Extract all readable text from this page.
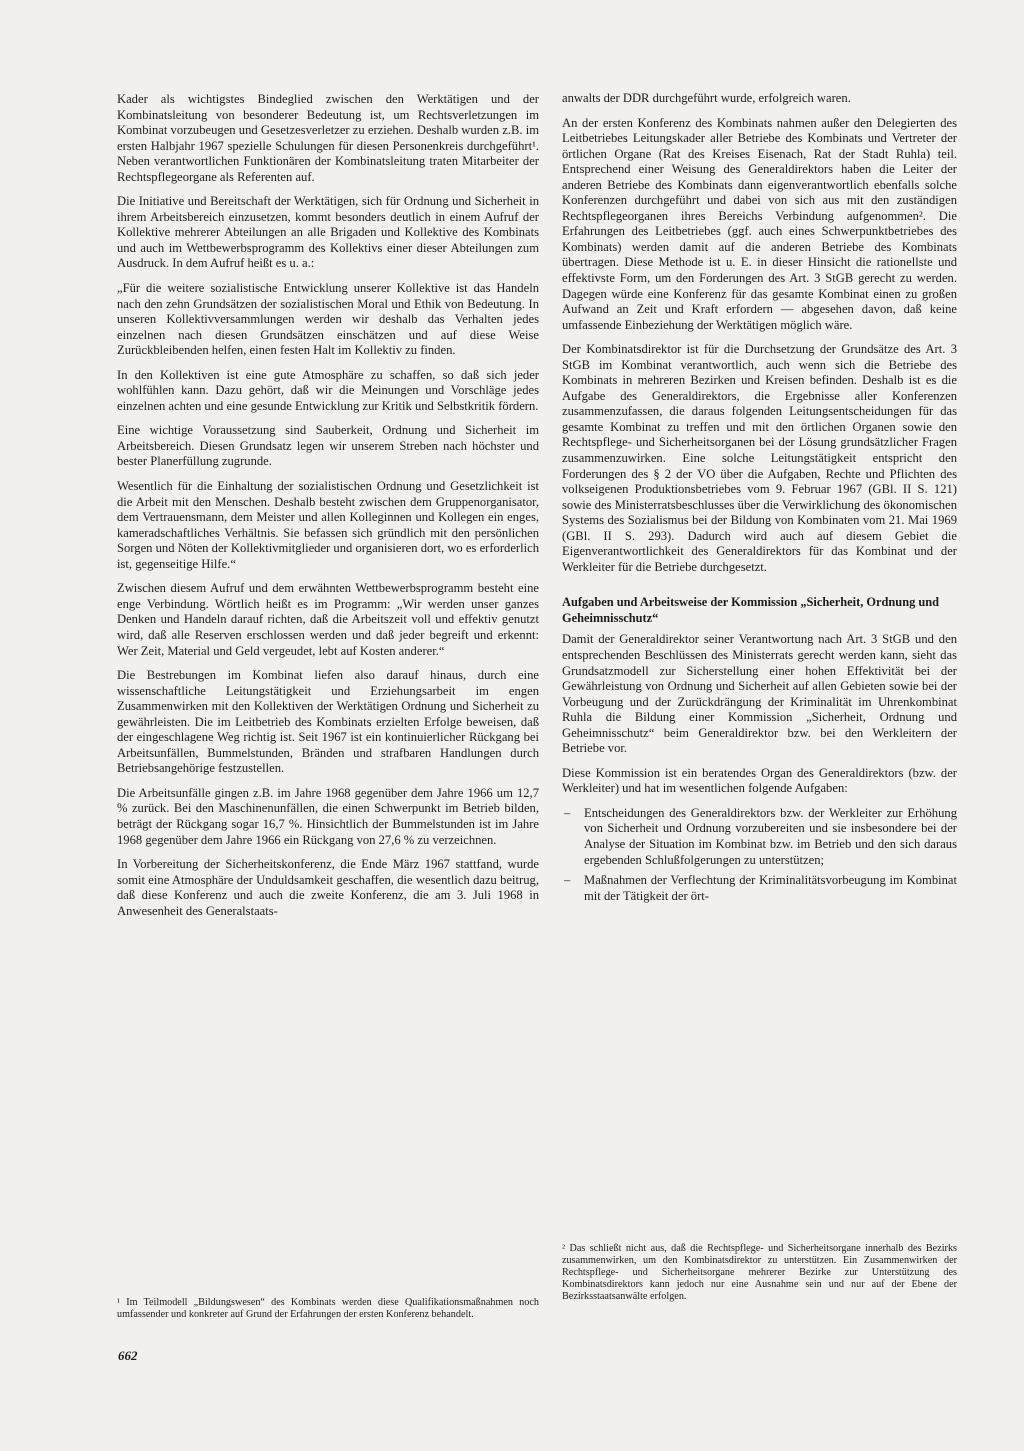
Kader als wichtigstes Bindeglied zwischen den Werktätigen und der Kombinatsleitung von besonderer Bedeutung ist, um Rechtsverletzungen im Kombinat vorzubeugen und Gesetzesverletzer zu erziehen. Deshalb wurden z.B. im ersten Halbjahr 1967 spezielle Schulungen für diesen Personenkreis durchgeführt¹. Neben verantwortlichen Funktionären der Kombinatsleitung traten Mitarbeiter der Rechtspflegeorgane als Referenten auf.

Die Initiative und Bereitschaft der Werktätigen, sich für Ordnung und Sicherheit in ihrem Arbeitsbereich einzusetzen, kommt besonders deutlich in einem Aufruf der Kollektive mehrerer Abteilungen an alle Brigaden und Kollektive des Kombinats und auch im Wettbewerbsprogramm des Kollektivs einer dieser Abteilungen zum Ausdruck. In dem Aufruf heißt es u. a.:

„Für die weitere sozialistische Entwicklung unserer Kollektive ist das Handeln nach den zehn Grundsätzen der sozialistischen Moral und Ethik von Bedeutung. In unseren Kollektivversammlungen werden wir deshalb das Verhalten jedes einzelnen nach diesen Grundsätzen einschätzen und auf diese Weise Zurückbleibenden helfen, einen festen Halt im Kollektiv zu finden.

In den Kollektiven ist eine gute Atmosphäre zu schaffen, so daß sich jeder wohlfühlen kann. Dazu gehört, daß wir die Meinungen und Vorschläge jedes einzelnen achten und eine gesunde Entwicklung zur Kritik und Selbstkritik fördern.

Eine wichtige Voraussetzung sind Sauberkeit, Ordnung und Sicherheit im Arbeitsbereich. Diesen Grundsatz legen wir unserem Streben nach höchster und bester Planerfüllung zugrunde.

Wesentlich für die Einhaltung der sozialistischen Ordnung und Gesetzlichkeit ist die Arbeit mit den Menschen. Deshalb besteht zwischen dem Gruppenorganisator, dem Vertrauensmann, dem Meister und allen Kolleginnen und Kollegen ein enges, kameradschaftliches Verhältnis. Sie befassen sich gründlich mit den persönlichen Sorgen und Nöten der Kollektivmitglieder und organisieren dort, wo es erforderlich ist, gegenseitige Hilfe.“

Zwischen diesem Aufruf und dem erwähnten Wettbewerbsprogramm besteht eine enge Verbindung. Wörtlich heißt es im Programm: „Wir werden unser ganzes Denken und Handeln darauf richten, daß die Arbeitszeit voll und effektiv genutzt wird, daß alle Reserven erschlossen werden und daß jeder begreift und erkennt: Wer Zeit, Material und Geld vergeudet, lebt auf Kosten anderer.“

Die Bestrebungen im Kombinat liefen also darauf hinaus, durch eine wissenschaftliche Leitungstätigkeit und Erziehungsarbeit im engen Zusammenwirken mit den Kollektiven der Werktätigen Ordnung und Sicherheit zu gewährleisten. Die im Leitbetrieb des Kombinats erzielten Erfolge beweisen, daß der eingeschlagene Weg richtig ist. Seit 1967 ist ein kontinuierlicher Rückgang bei Arbeitsunfällen, Bummelstunden, Bränden und strafbaren Handlungen durch Betriebsangehörige festzustellen.

Die Arbeitsunfälle gingen z.B. im Jahre 1968 gegenüber dem Jahre 1966 um 12,7 % zurück. Bei den Maschinenunfällen, die einen Schwerpunkt im Betrieb bilden, beträgt der Rückgang sogar 16,7 %. Hinsichtlich der Bummelstunden ist im Jahre 1968 gegenüber dem Jahre 1966 ein Rückgang von 27,6 % zu verzeichnen.

In Vorbereitung der Sicherheitskonferenz, die Ende März 1967 stattfand, wurde somit eine Atmosphäre der Unduldsamkeit geschaffen, die wesentlich dazu beitrug, daß diese Konferenz und auch die zweite Konferenz, die am 3. Juli 1968 in Anwesenheit des Generalstaats-

anwalts der DDR durchgeführt wurde, erfolgreich waren.

An der ersten Konferenz des Kombinats nahmen außer den Delegierten des Leitbetriebes Leitungskader aller Betriebe des Kombinats und Vertreter der örtlichen Organe (Rat des Kreises Eisenach, Rat der Stadt Ruhla) teil. Entsprechend einer Weisung des Generaldirektors haben die Leiter der anderen Betriebe des Kombinats dann eigenverantwortlich ebenfalls solche Konferenzen durchgeführt und dabei von sich aus mit den zuständigen Rechtspflegeorganen ihres Bereichs Verbindung aufgenommen². Die Erfahrungen des Leitbetriebes (ggf. auch eines Schwerpunktbetriebes des Kombinats) werden damit auf die anderen Betriebe des Kombinats übertragen. Diese Methode ist u. E. in dieser Hinsicht die rationellste und effektivste Form, um den Forderungen des Art. 3 StGB gerecht zu werden. Dagegen würde eine Konferenz für das gesamte Kombinat einen zu großen Aufwand an Zeit und Kraft erfordern — abgesehen davon, daß keine umfassende Einbeziehung der Werktätigen möglich wäre.

Der Kombinatsdirektor ist für die Durchsetzung der Grundsätze des Art. 3 StGB im Kombinat verantwortlich, auch wenn sich die Betriebe des Kombinats in mehreren Bezirken und Kreisen befinden. Deshalb ist es die Aufgabe des Generaldirektors, die Ergebnisse aller Konferenzen zusammenzufassen, die daraus folgenden Leitungsentscheidungen für das gesamte Kombinat zu treffen und mit den örtlichen Organen sowie den Rechtspflege- und Sicherheitsorganen bei der Lösung grundsätzlicher Fragen zusammenzuwirken. Eine solche Leitungstätigkeit entspricht den Forderungen des § 2 der VO über die Aufgaben, Rechte und Pflichten des volkseigenen Produktionsbetriebes vom 9. Februar 1967 (GBl. II S. 121) sowie des Ministerratsbeschlusses über die Verwirklichung des ökonomischen Systems des Sozialismus bei der Bildung von Kombinaten vom 21. Mai 1969 (GBl. II S. 293). Dadurch wird auch auf diesem Gebiet die Eigenverantwortlichkeit des Generaldirektors für das Kombinat und der Werkleiter für die Betriebe durchgesetzt.

Aufgaben und Arbeitsweise der Kommission „Sicherheit, Ordnung und Geheimnisschutz“

Damit der Generaldirektor seiner Verantwortung nach Art. 3 StGB und den entsprechenden Beschlüssen des Ministerrats gerecht werden kann, sieht das Grundsatzmodell zur Sicherstellung einer hohen Effektivität bei der Gewährleistung von Ordnung und Sicherheit auf allen Gebieten sowie bei der Vorbeugung und der Zurückdrängung der Kriminalität im Uhrenkombinat Ruhla die Bildung einer Kommission „Sicherheit, Ordnung und Geheimnisschutz“ beim Generaldirektor bzw. bei den Werkleitern der Betriebe vor.

Diese Kommission ist ein beratendes Organ des Generaldirektors (bzw. der Werkleiter) und hat im wesentlichen folgende Aufgaben:

– Entscheidungen des Generaldirektors bzw. der Werkleiter zur Erhöhung von Sicherheit und Ordnung vorzubereiten und sie insbesondere bei der Analyse der Situation im Kombinat bzw. im Betrieb und den sich daraus ergebenden Schlußfolgerungen zu unterstützen;
– Maßnahmen der Verflechtung der Kriminalitätsvorbeugung im Kombinat mit der Tätigkeit der ört-

² Das schließt nicht aus, daß die Rechtspflege- und Sicherheitsorgane innerhalb des Bezirks zusammenwirken, um den Kombinatsdirektor zu unterstützen. Ein Zusammenwirken der Rechtspflege- und Sicherheitsorgane mehrerer Bezirke zur Unterstützung des Kombinatsdirektors kann jedoch nur eine Ausnahme sein und nur auf der Ebene der Bezirksstaatsanwälte erfolgen.

¹ Im Teilmodell „Bildungswesen“ des Kombinats werden diese Qualifikationsmaßnahmen noch umfassender und konkreter auf Grund der Erfahrungen der ersten Konferenz behandelt.

662
